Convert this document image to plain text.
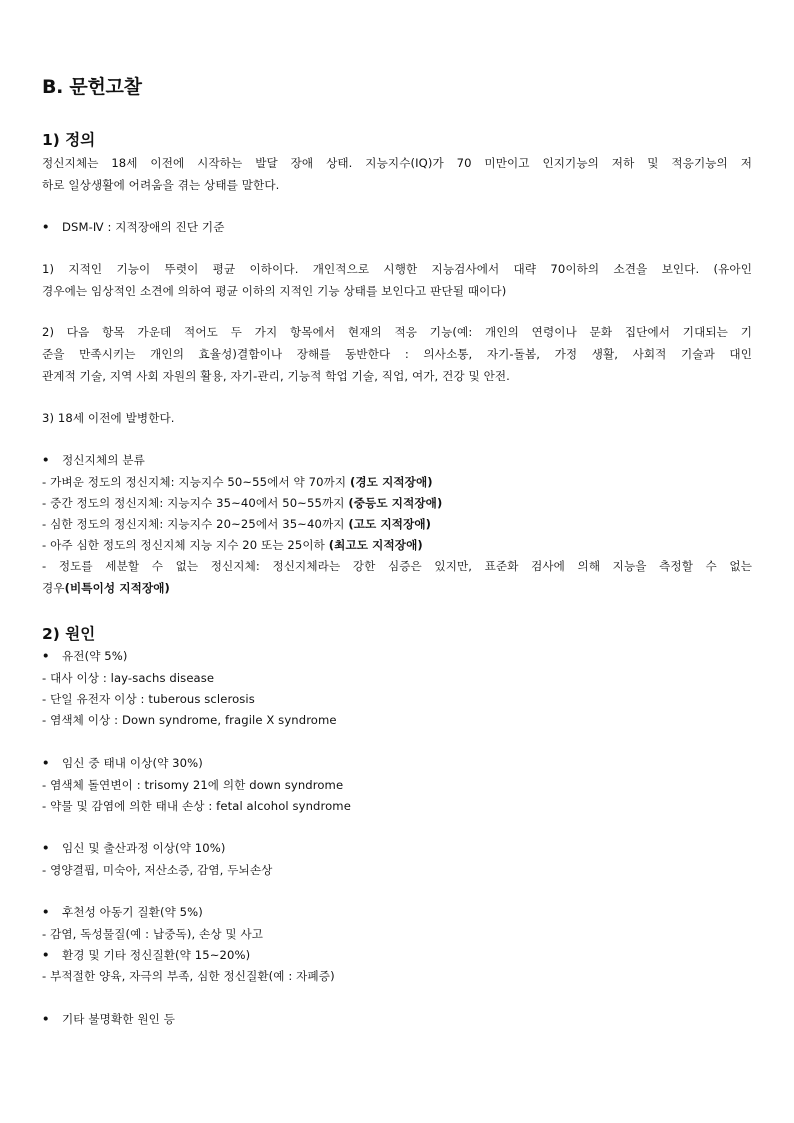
B. 문헌고찰
1) 정의
정신지체는 18세 이전에 시작하는 발달 장애 상태. 지능지수(IQ)가 70 미만이고 인지기능의 저하 및 적응기능의 저
하로 일상생활에 어려움을 겪는 상태를 말한다.
• DSM-Ⅳ : 지적장애의 진단 기준
1) 지적인 기능이 뚜렷이 평균 이하이다. 개인적으로 시행한 지능검사에서 대략 70이하의 소견을 보인다. (유아인
경우에는 임상적인 소견에 의하여 평균 이하의 지적인 기능 상태를 보인다고 판단될 때이다)
2) 다음 항목 가운데 적어도 두 가지 항목에서 현재의 적응 기능(예: 개인의 연령이나 문화 집단에서 기대되는 기
준을 만족시키는 개인의 효율성)결함이나 장해를 동반한다 : 의사소통, 자기-돌봄, 가정 생활, 사회적 기술과 대인
관계적 기술, 지역 사회 자원의 활용, 자기-관리, 기능적 학업 기술, 직업, 여가, 건강 및 안전.
3) 18세 이전에 발병한다.
• 정신지체의 분류
- 가벼운 정도의 정신지체: 지능지수 50~55에서 약 70까지 (경도 지적장애)
- 중간 정도의 정신지체: 지능지수 35~40에서 50~55까지 (중등도 지적장애)
- 심한 정도의 정신지체: 지능지수 20~25에서 35~40까지 (고도 지적장애)
- 아주 심한 정도의 정신지체 지능 지수 20 또는 25이하 (최고도 지적장애)
- 정도를 세분할 수 없는 정신지체: 정신지체라는 강한 심증은 있지만, 표준화 검사에 의해 지능을 측정할 수 없는
경우(비특이성 지적장애)
2) 원인
• 유전(약 5%)
- 대사 이상 : lay-sachs disease
- 단일 유전자 이상 : tuberous sclerosis
- 염색체 이상 : Down syndrome, fragile X syndrome
• 임신 중 태내 이상(약 30%)
- 염색체 돌연변이 : trisomy 21에 의한 down syndrome
- 약물 및 감염에 의한 태내 손상 : fetal alcohol syndrome
• 임신 및 출산과정 이상(약 10%)
- 영양결핍, 미숙아, 저산소증, 감염, 두뇌손상
• 후천성 아동기 질환(약 5%)
- 감염, 독성물질(예 : 납중독), 손상 및 사고
• 환경 및 기타 정신질환(약 15~20%)
- 부적절한 양육, 자극의 부족, 심한 정신질환(예 : 자폐증)
• 기타 불명확한 원인 등
